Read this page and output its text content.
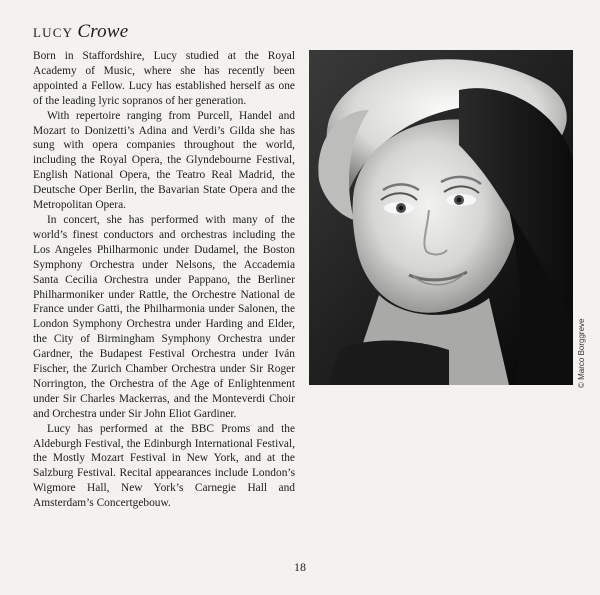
LUCY Crowe

Born in Staffordshire, Lucy studied at the Royal Academy of Music, where she has recently been appointed a Fellow. Lucy has established herself as one of the leading lyric sopranos of her generation.

With repertoire ranging from Purcell, Handel and Mozart to Donizetti’s Adina and Verdi’s Gilda she has sung with opera companies throughout the world, including the Royal Opera, the Glyndebourne Festival, English National Opera, the Teatro Real Madrid, the Deutsche Oper Berlin, the Bavarian State Opera and the Metropolitan Opera.

In concert, she has performed with many of the world’s finest conductors and orchestras including the Los Angeles Philharmonic under Dudamel, the Boston Symphony Orchestra under Nelsons, the Accademia Santa Cecilia Orchestra under Pappano, the Berliner Philharmoniker under Rattle, the Orchestre National de France under Gatti, the Philharmonia under Salonen, the London Symphony Orchestra under Harding and Elder, the City of Birmingham Symphony Orchestra under Gardner, the Budapest Festival Orchestra under Iván Fischer, the Zurich Chamber Orchestra under Sir Roger Norrington, the Orchestra of the Age of Enlightenment under Sir Charles Mackerras, and the Monteverdi Choir and Orchestra under Sir John Eliot Gardiner.

Lucy has performed at the BBC Proms and the Aldeburgh Festival, the Edinburgh International Festival, the Mostly Mozart Festival in New York, and at the Salzburg Festival. Recital appearances include London’s Wigmore Hall, New York’s Carnegie Hall and Amsterdam’s Concertgebouw.

© Marco Borggreve
18
